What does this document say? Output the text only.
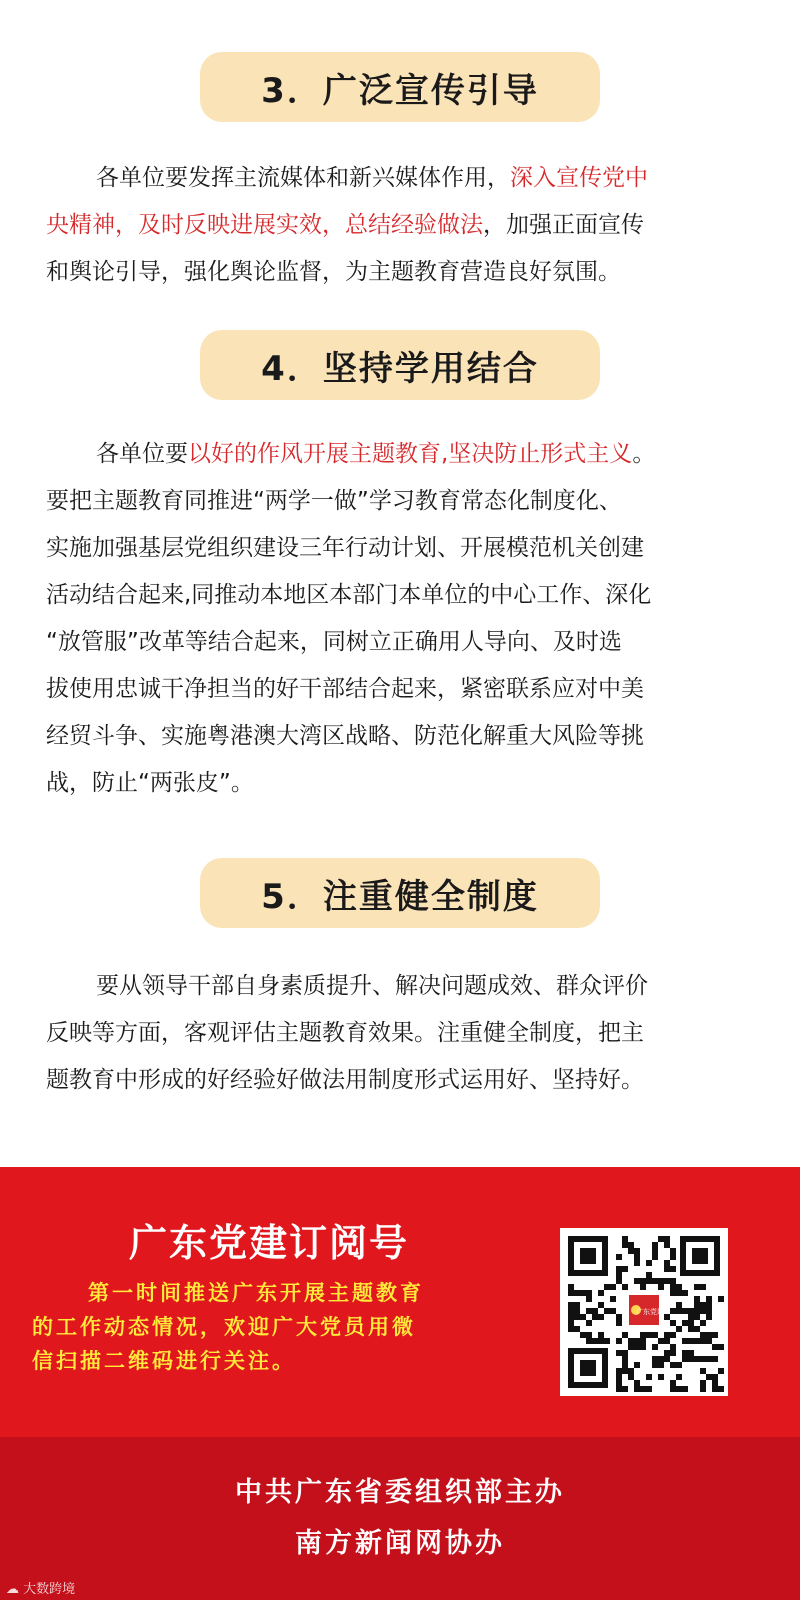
3．广泛宣传引导
各单位要发挥主流媒体和新兴媒体作用，深入宣传党中
央精神，及时反映进展实效，总结经验做法，加强正面宣传
和舆论引导，强化舆论监督，为主题教育营造良好氛围。
4．坚持学用结合
各单位要以好的作风开展主题教育,坚决防止形式主义。
要把主题教育同推进“两学一做”学习教育常态化制度化、
实施加强基层党组织建设三年行动计划、开展模范机关创建
活动结合起来,同推动本地区本部门本单位的中心工作、深化
“放管服”改革等结合起来，同树立正确用人导向、及时选
拔使用忠诚干净担当的好干部结合起来，紧密联系应对中美
经贸斗争、实施粤港澳大湾区战略、防范化解重大风险等挑
战，防止“两张皮”。
5．注重健全制度
要从领导干部自身素质提升、解决问题成效、群众评价
反映等方面，客观评估主题教育效果。注重健全制度，把主
题教育中形成的好经验好做法用制度形式运用好、坚持好。
广东党建订阅号
第一时间推送广东开展主题教育
的工作动态情况，欢迎广大党员用微
信扫描二维码进行关注。
广东党建
中共广东省委组织部主办
南方新闻网协办
☁ 大数跨境
